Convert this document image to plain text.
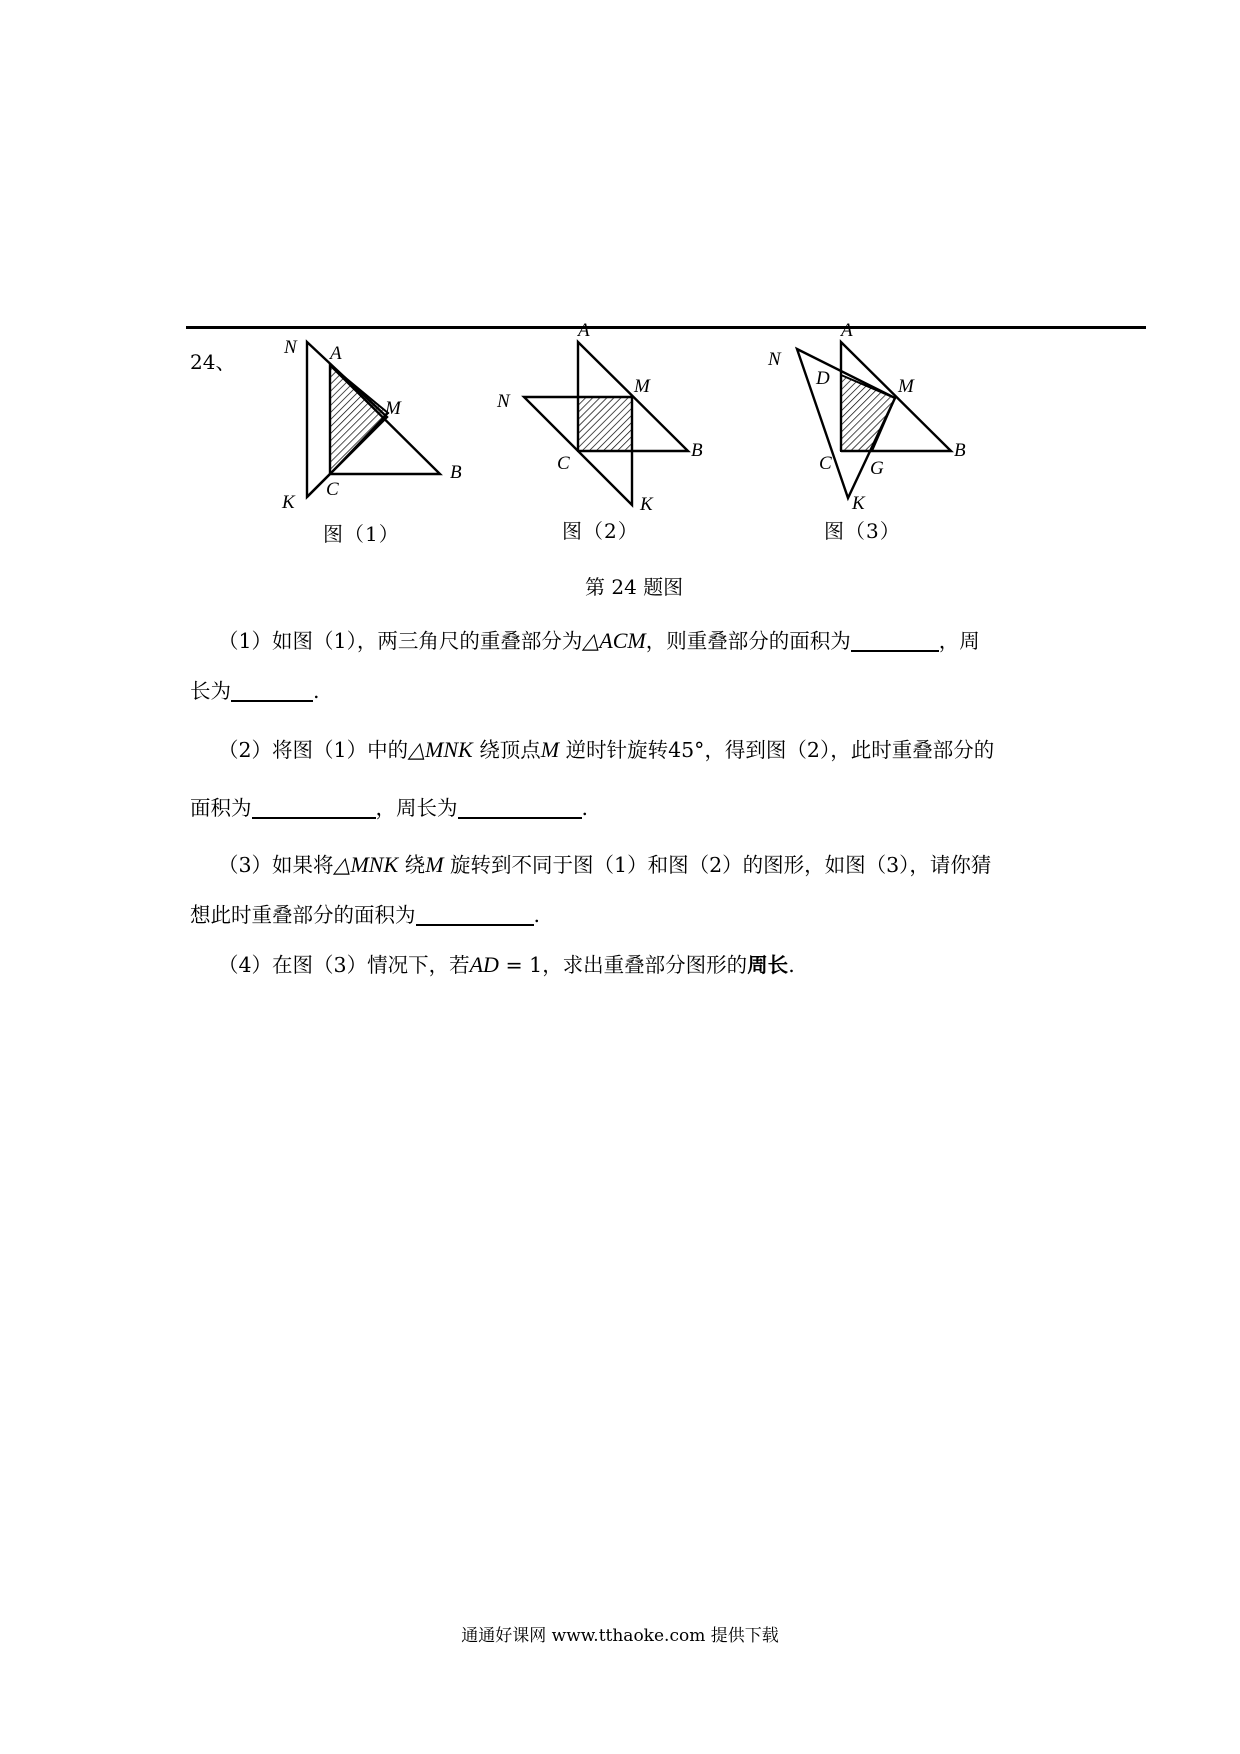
24、
N A
M
B
K
C
A
M
N
B
C
K
A
N
D	M
B
C G
K
图（1）	图（2）	图（3）
第 24 题图
（1）如图（1），两三角尺的重叠部分为△ACM，则重叠部分的面积为	，周
长为	.
（2）将图（1）中的△MNK 绕顶点M 逆时针旋转45°，得到图（2），此时重叠部分的
面积为	，周长为	.
（3）如果将△MNK 绕M 旋转到不同于图（1）和图（2）的图形，如图（3），请你猜
想此时重叠部分的面积为	.
（4）在图（3）情况下，若AD = 1，求出重叠部分图形的周长.
通通好课网 www.tthaoke.com 提供下载
